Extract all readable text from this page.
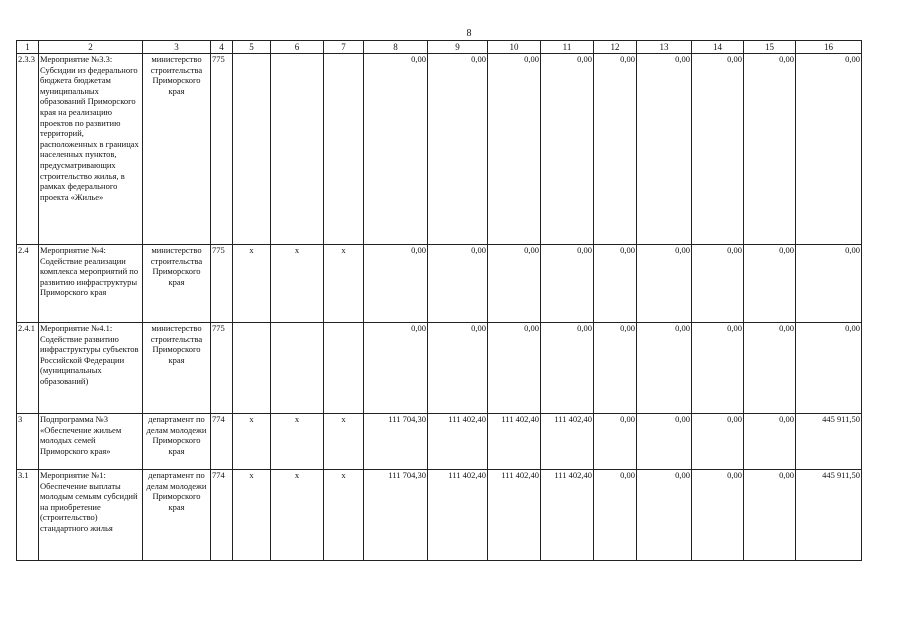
8
1	2	3	4	5	6	7	8	9	10	11	12	13	14	15	16
2.3.3	Мероприятие №3.3: Субсидии из федерального бюджета бюджетам муниципальных образований Приморского края на реализацию проектов по развитию территорий, расположенных в границах населенных пунктов, предусматривающих строительство жилья, в рамках федерального проекта «Жилье»	министерство строительства Приморского края	775				0,00	0,00	0,00	0,00	0,00	0,00	0,00	0,00	0,00
2.4	Мероприятие №4: Содействие реализации комплекса мероприятий по развитию инфраструктуры Приморского края	министерство строительства Приморского края	775	x	x	x	0,00	0,00	0,00	0,00	0,00	0,00	0,00	0,00	0,00
2.4.1	Мероприятие №4.1: Содействие развитию инфраструктуры субъектов Российской Федерации (муниципальных образований)	министерство строительства Приморского края	775				0,00	0,00	0,00	0,00	0,00	0,00	0,00	0,00	0,00
3	Подпрограмма №3 «Обеспечение жильем молодых семей Приморского края»	департамент по делам молодежи Приморского края	774	x	x	x	111 704,30	111 402,40	111 402,40	111 402,40	0,00	0,00	0,00	0,00	445 911,50
3.1	Мероприятие №1: Обеспечение выплаты молодым семьям субсидий на приобретение (строительство) стандартного жилья	департамент по делам молодежи Приморского края	774	x	x	x	111 704,30	111 402,40	111 402,40	111 402,40	0,00	0,00	0,00	0,00	445 911,50
